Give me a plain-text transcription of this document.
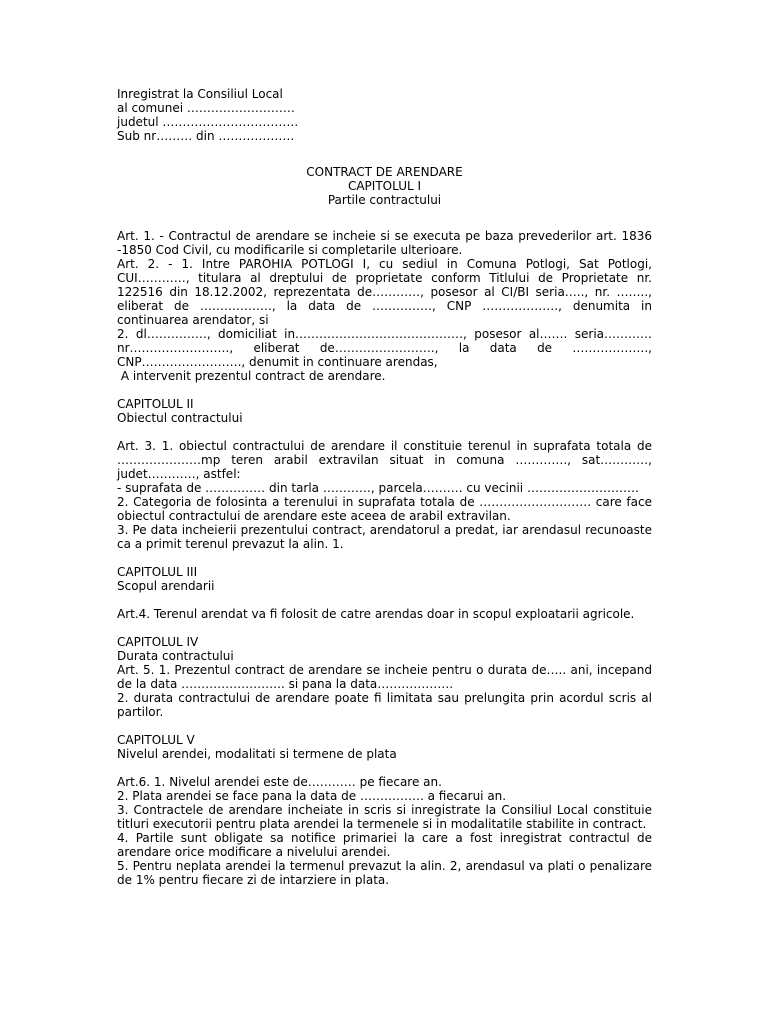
Inregistrat la Consiliul Local
al comunei ………………………
judetul …………………………….
Sub nr……… din ……………….
CONTRACT DE ARENDARE
CAPITOLUL I
Partile contractului
Art. 1. - Contractul de arendare se incheie si se executa pe baza prevederilor art. 1836 -1850 Cod Civil, cu modificarile si completarile ulterioare.
Art. 2. - 1. Intre PAROHIA POTLOGI I, cu sediul in Comuna Potlogi, Sat Potlogi, CUI…………, titulara al dreptului de proprietate conform Titlului de Proprietate nr. 122516 din 18.12.2002, reprezentata de…………, posesor al CI/BI seria….., nr. …….., eliberat de ………………, la data de ……………, CNP ………………., denumita in continuarea arendator, si
2. dl……………, domiciliat in……………………………………, posesor al……. seria………… nr……………………., eliberat de……………………., la data de ………………., CNP……………………., denumit in continuare arendas,
A intervenit prezentul contract de arendare.
CAPITOLUL II
Obiectul contractului
Art. 3. 1. obiectul contractului de arendare il constituie terenul in suprafata totala de …………………mp teren arabil extravilan situat in comuna …………., sat…………, judet…………, astfel:
- suprafata de …………… din tarla …………, parcela………. cu vecinii ……………………….
2. Categoria de folosinta a terenului in suprafata totala de ………………………. care face obiectul contractului de arendare este aceea de arabil extravilan.
3. Pe data incheierii prezentului contract, arendatorul a predat, iar arendasul recunoaste ca a primit terenul prevazut la alin. 1.
CAPITOLUL III
Scopul arendarii
Art.4. Terenul arendat va fi folosit de catre arendas doar in scopul exploatarii agricole.
CAPITOLUL IV
Durata contractului
Art. 5. 1. Prezentul contract de arendare se incheie pentru o durata de….. ani, incepand de la data …………………….. si pana la data……………….
2. durata contractului de arendare poate fi limitata sau prelungita prin acordul scris al partilor.
CAPITOLUL V
Nivelul arendei, modalitati si termene de plata
Art.6. 1. Nivelul arendei este de………… pe fiecare an.
2. Plata arendei se face pana la data de ……………. a fiecarui an.
3. Contractele de arendare incheiate in scris si inregistrate la Consiliul Local constituie titluri executorii pentru plata arendei la termenele si in modalitatile stabilite in contract.
4. Partile sunt obligate sa notifice primariei la care a fost inregistrat contractul de arendare orice modificare a nivelului arendei.
5. Pentru neplata arendei la termenul prevazut la alin. 2, arendasul va plati o penalizare de 1% pentru fiecare zi de intarziere in plata.
